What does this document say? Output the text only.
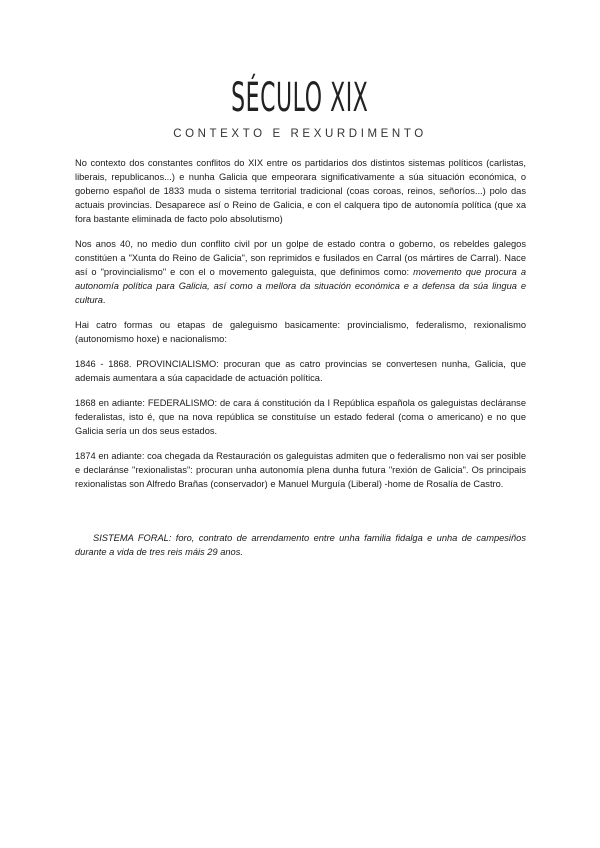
SÉCULO XIX
CONTEXTO E REXURDIMENTO

No contexto dos constantes conflitos do XIX entre os partidarios dos distintos sistemas políticos (carlistas, liberais, republicanos...) e nunha Galicia que empeorara significativamente a súa situación económica, o goberno español de 1833 muda o sistema territorial tradicional (coas coroas, reinos, señoríos...) polo das actuais provincias. Desaparece así o Reino de Galicia, e con el calquera tipo de autonomía política (que xa fora bastante eliminada de facto polo absolutismo)

Nos anos 40, no medio dun conflito civil por un golpe de estado contra o goberno, os rebeldes galegos constitúen a "Xunta do Reino de Galicia", son reprimidos e fusilados en Carral (os mártires de Carral). Nace así o "provincialismo" e con el o movemento galeguista, que definimos como: movemento que procura a autonomía política para Galicia, así como a mellora da situación económica e a defensa da súa lingua e cultura.

Hai catro formas ou etapas de galeguismo basicamente: provincialismo, federalismo, rexionalismo (autonomismo hoxe) e nacionalismo:

1846 - 1868. PROVINCIALISMO: procuran que as catro provincias se convertesen nunha, Galicia, que ademais aumentara a súa capacidade de actuación política.

1868 en adiante: FEDERALISMO: de cara á constitución da I República española os galeguistas decláranse federalistas, isto é, que na nova república se constituíse un estado federal (coma o americano) e no que Galicia sería un dos seus estados.

1874 en adiante: coa chegada da Restauración os galeguistas admiten que o federalismo non vai ser posible e declaránse "rexionalistas": procuran unha autonomía plena dunha futura "rexión de Galicia". Os principais rexionalistas son Alfredo Brañas (conservador) e Manuel Murguía (Liberal) -home de Rosalía de Castro.

SISTEMA FORAL: foro, contrato de arrendamento entre unha familia fidalga e unha de campesiños durante a vida de tres reis máis 29 anos.
